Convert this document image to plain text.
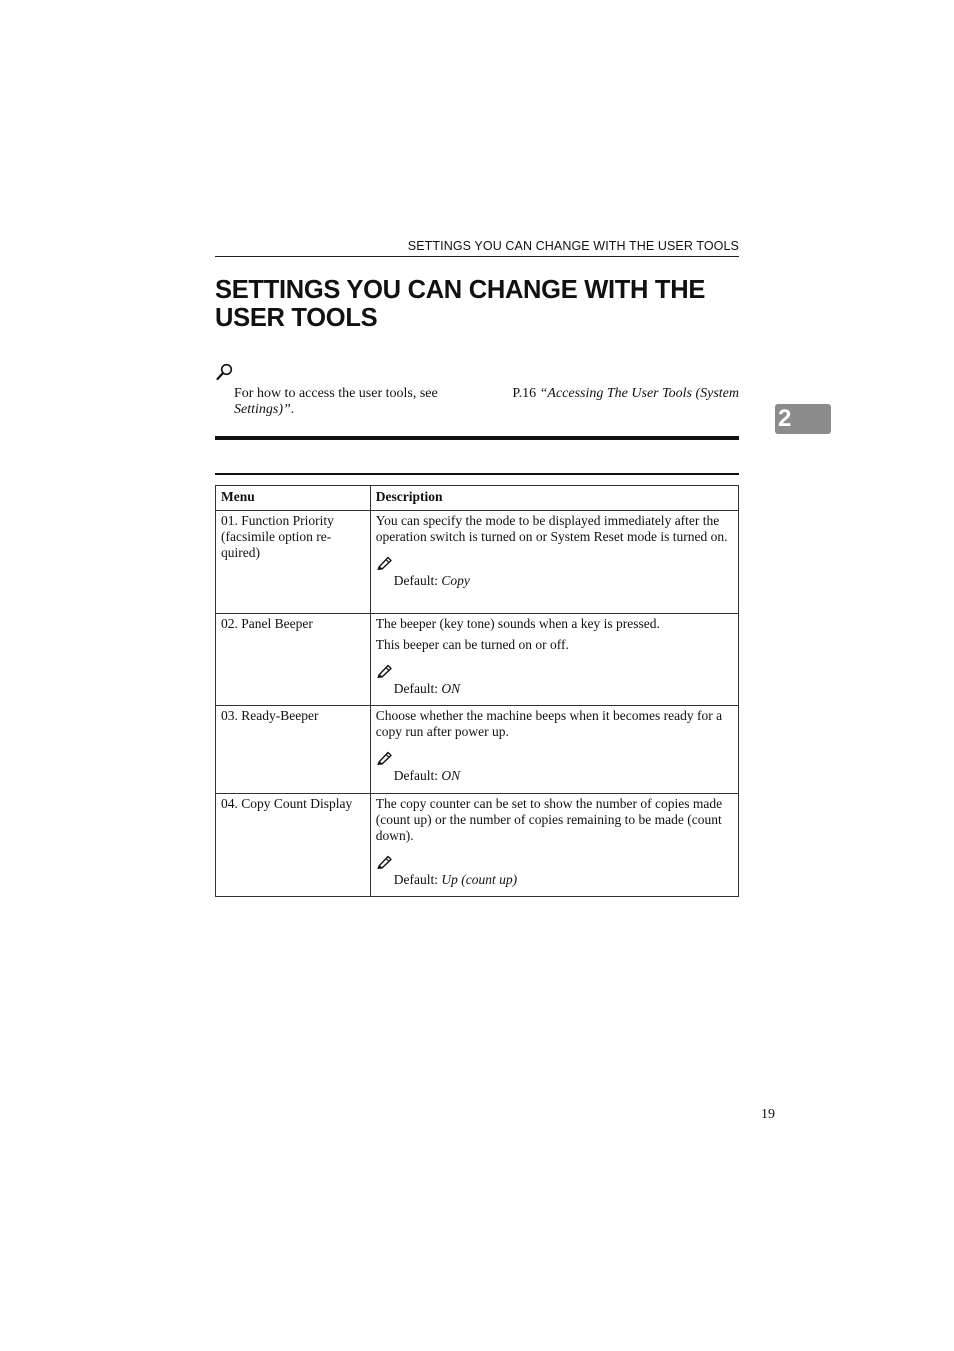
SETTINGS YOU CAN CHANGE WITH THE USER TOOLS
SETTINGS YOU CAN CHANGE WITH THE USER TOOLS
For how to access the user tools, see	P.16 “Accessing The User Tools (System
Settings)”.	2
Menu	Description
01. Function Priority (facsimile option re-quired)	You can specify the mode to be displayed immediately after the operation switch is turned on or System Reset mode is turned on.

Default: Copy

02. Panel Beeper	The beeper (key tone) sounds when a key is pressed.

This beeper can be turned on or off.

Default: ON

03. Ready-Beeper	Choose whether the machine beeps when it becomes ready for a copy run after power up.

Default: ON

04. Copy Count Display	The copy counter can be set to show the number of copies made (count up) or the number of copies remaining to be made (count down).

Default: Up (count up)

19
